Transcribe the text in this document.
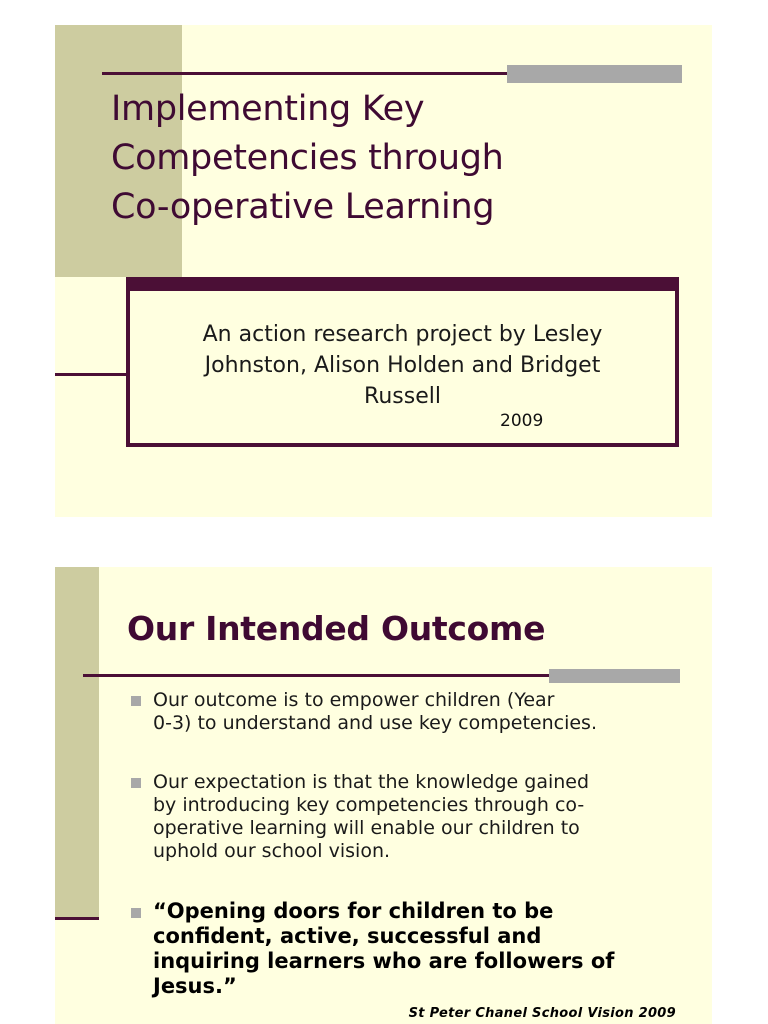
Implementing Key
Competencies through
Co-operative Learning
An action research project by Lesley
Johnston, Alison Holden and Bridget
Russell
2009
Our Intended Outcome
Our outcome is to empower children (Year
0-3) to understand and use key competencies.
Our expectation is that the knowledge gained
by introducing key competencies through co-
operative learning will enable our children to
uphold our school vision.
“Opening doors for children to be
confident, active, successful and
inquiring learners who are followers of
Jesus.”
St Peter Chanel School Vision 2009
